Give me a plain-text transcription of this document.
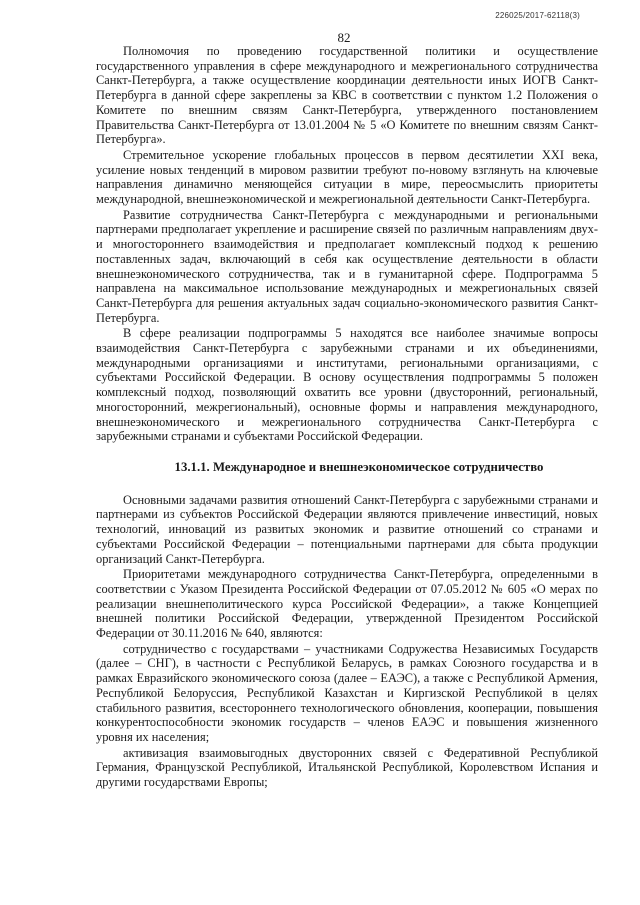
226025/2017-62118(3)
82

Полномочия по проведению государственной политики и осуществление государственного управления в сфере международного и межрегионального сотрудничества Санкт-Петербурга, а также осуществление координации деятельности иных ИОГВ Санкт-Петербурга в данной сфере закреплены за КВС в соответствии с пунктом 1.2 Положения о Комитете по внешним связям Санкт-Петербурга, утвержденного постановлением Правительства Санкт-Петербурга от 13.01.2004 № 5 «О Комитете по внешним связям Санкт-Петербурга».

Стремительное ускорение глобальных процессов в первом десятилетии XXI века, усиление новых тенденций в мировом развитии требуют по-новому взглянуть на ключевые направления динамично меняющейся ситуации в мире, переосмыслить приоритеты международной, внешнеэкономической и межрегиональной деятельности Санкт-Петербурга.

Развитие сотрудничества Санкт-Петербурга с международными и региональными партнерами предполагает укрепление и расширение связей по различным направлениям двух- и многостороннего взаимодействия и предполагает комплексный подход к решению поставленных задач, включающий в себя как осуществление деятельности в области внешнеэкономического сотрудничества, так и в гуманитарной сфере. Подпрограмма 5 направлена на максимальное использование международных и межрегиональных связей Санкт-Петербурга для решения актуальных задач социально-экономического развития Санкт-Петербурга.

В сфере реализации подпрограммы 5 находятся все наиболее значимые вопросы взаимодействия Санкт-Петербурга с зарубежными странами и их объединениями, международными организациями и институтами, региональными организациями, с субъектами Российской Федерации. В основу осуществления подпрограммы 5 положен комплексный подход, позволяющий охватить все уровни (двусторонний, региональный, многосторонний, межрегиональный), основные формы и направления международного, внешнеэкономического и межрегионального сотрудничества Санкт-Петербурга с зарубежными странами и субъектами Российской Федерации.

13.1.1. Международное и внешнеэкономическое сотрудничество

Основными задачами развития отношений Санкт-Петербурга с зарубежными странами и партнерами из субъектов Российской Федерации являются привлечение инвестиций, новых технологий, инноваций из развитых экономик и развитие отношений со странами и субъектами Российской Федерации – потенциальными партнерами для сбыта продукции организаций Санкт-Петербурга.

Приоритетами международного сотрудничества Санкт-Петербурга, определенными в соответствии с Указом Президента Российской Федерации от 07.05.2012 № 605 «О мерах по реализации внешнеполитического курса Российской Федерации», а также Концепцией внешней политики Российской Федерации, утвержденной Президентом Российской Федерации от 30.11.2016 № 640, являются:

сотрудничество с государствами – участниками Содружества Независимых Государств (далее – СНГ), в частности с Республикой Беларусь, в рамках Союзного государства и в рамках Евразийского экономического союза (далее – ЕАЭС), а также с Республикой Армения, Республикой Белоруссия, Республикой Казахстан и Киргизской Республикой в целях стабильного развития, всестороннего технологического обновления, кооперации, повышения конкурентоспособности экономик государств – членов ЕАЭС и повышения жизненного уровня их населения;

активизация взаимовыгодных двусторонних связей с Федеративной Республикой Германия, Французской Республикой, Итальянской Республикой, Королевством Испания и другими государствами Европы;
